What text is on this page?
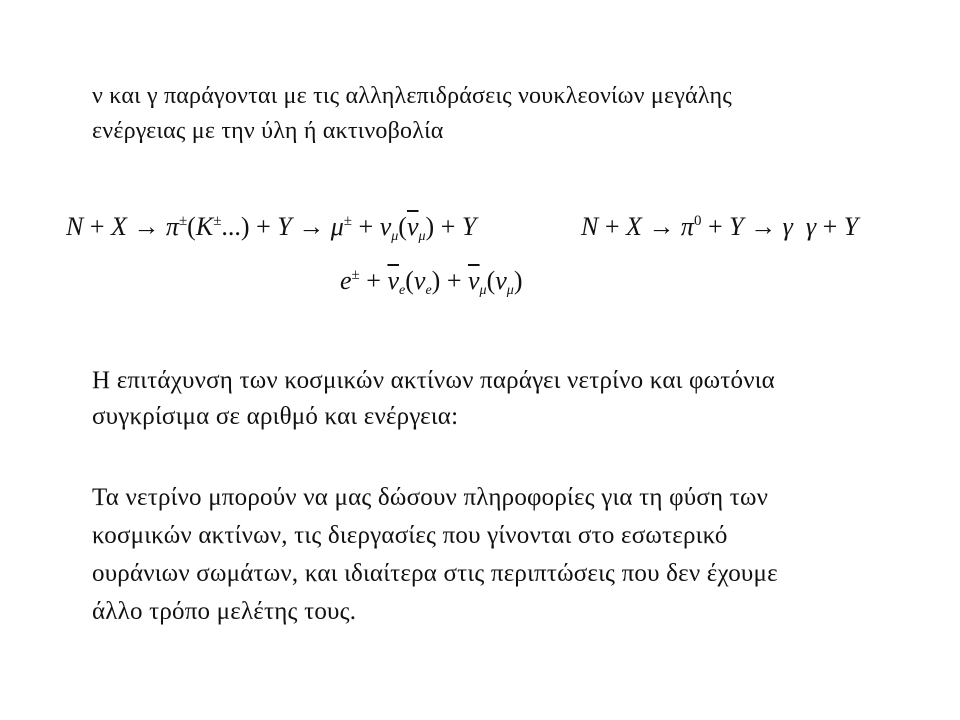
ν και γ παράγονται με τις αλληλεπιδράσεις νουκλεονίων μεγάλης
ενέργειας με την ύλη ή ακτινοβολία

$N + X \to \pi^\pm(K^\pm...) + Y \to \mu^\pm + \nu_\mu(\overline{\nu}_\mu) + Y$	$N + X \to \pi^0 + Y \to \gamma$  γ + Y
$e^\pm + \overline{\nu}_e(\nu_e) + \overline{\nu}_\mu(\nu_\mu)$

Η επιτάχυνση των κοσμικών ακτίνων παράγει νετρίνο και φωτόνια
συγκρίσιμα σε αριθμό και ενέργεια:

Τα νετρίνο μπορούν να μας δώσουν πληροφορίες για τη φύση των
κοσμικών ακτίνων, τις διεργασίες που γίνονται στο εσωτερικό
ουράνιων σωμάτων, και ιδιαίτερα στις περιπτώσεις που δεν έχουμε
άλλο τρόπο μελέτης τους.
